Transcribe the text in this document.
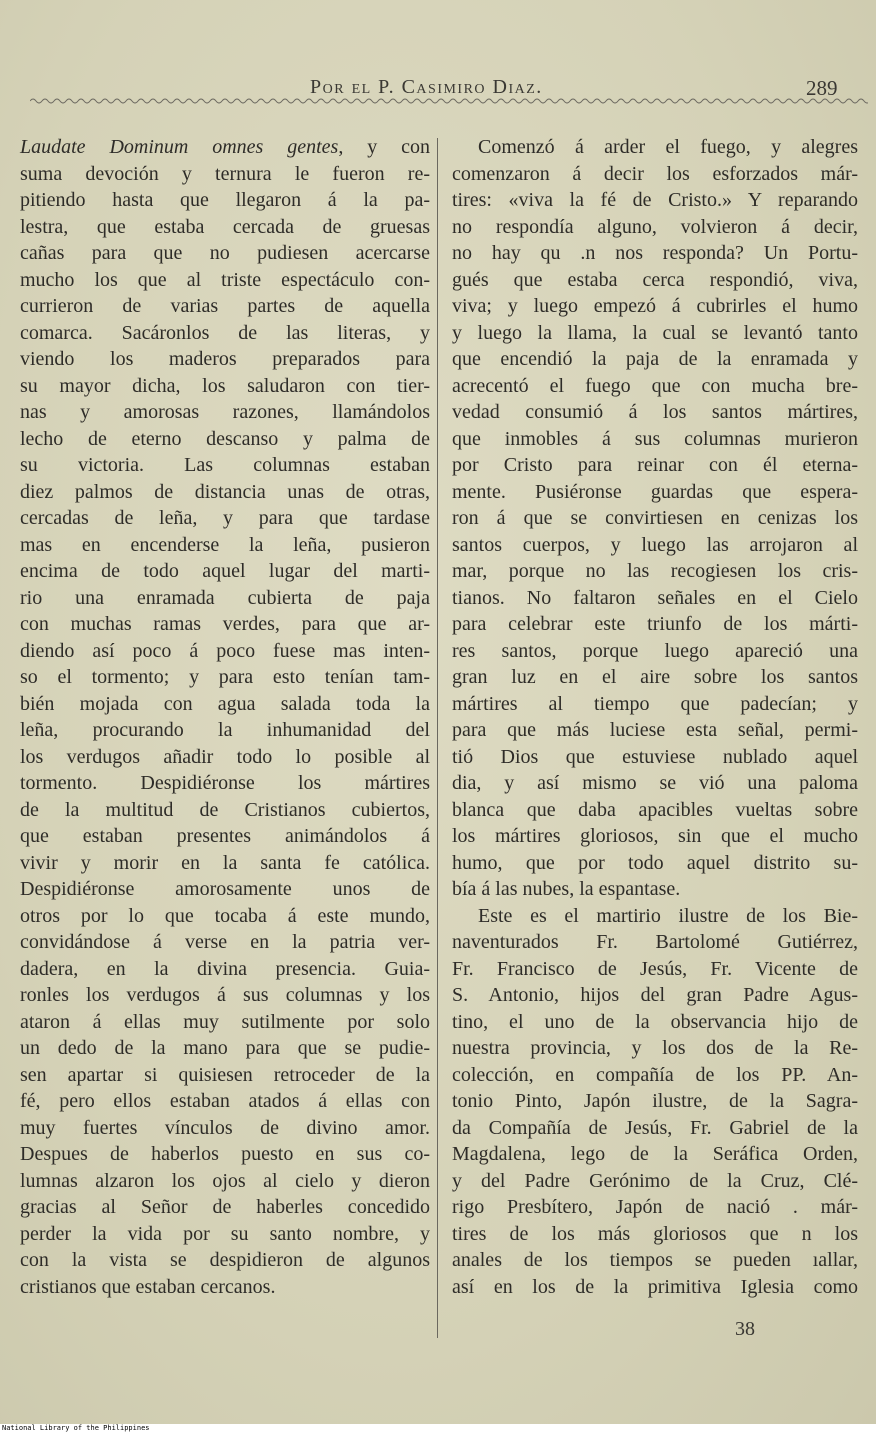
Por el P. Casimiro Diaz.	289
Laudate Dominum omnes gentes, y con
suma devoción y ternura le fueron re-
pitiendo hasta que llegaron á la pa-
lestra, que estaba cercada de gruesas
cañas para que no pudiesen acercarse
mucho los que al triste espectáculo con-
currieron de varias partes de aquella
comarca. Sacáronlos de las literas, y
viendo los maderos preparados para
su mayor dicha, los saludaron con tier-
nas y amorosas razones, llamándolos
lecho de eterno descanso y palma de
su victoria. Las columnas estaban
diez palmos de distancia unas de otras,
cercadas de leña, y para que tardase
mas en encenderse la leña, pusieron
encima de todo aquel lugar del marti-
rio una enramada cubierta de paja
con muchas ramas verdes, para que ar-
diendo así poco á poco fuese mas inten-
so el tormento; y para esto tenían tam-
bién mojada con agua salada toda la
leña, procurando la inhumanidad del
los verdugos añadir todo lo posible al
tormento. Despidiéronse los mártires
de la multitud de Cristianos cubiertos,
que estaban presentes animándolos á
vivir y morir en la santa fe católica.
Despidiéronse amorosamente unos de
otros por lo que tocaba á este mundo,
convidándose á verse en la patria ver-
dadera, en la divina presencia. Guia-
ronles los verdugos á sus columnas y los
ataron á ellas muy sutilmente por solo
un dedo de la mano para que se pudie-
sen apartar si quisiesen retroceder de la
fé, pero ellos estaban atados á ellas con
muy fuertes vínculos de divino amor.
Despues de haberlos puesto en sus co-
lumnas alzaron los ojos al cielo y dieron
gracias al Señor de haberles concedido
perder la vida por su santo nombre, y
con la vista se despidieron de algunos
cristianos que estaban cercanos.
Comenzó á arder el fuego, y alegres
comenzaron á decir los esforzados már-
tires: «viva la fé de Cristo.» Y reparando
no respondía alguno, volvieron á decir,
no hay qu .n nos responda? Un Portu-
gués que estaba cerca respondió, viva,
viva; y luego empezó á cubrirles el humo
y luego la llama, la cual se levantó tanto
que encendió la paja de la enramada y
acrecentó el fuego que con mucha bre-
vedad consumió á los santos mártires,
que inmobles á sus columnas murieron
por Cristo para reinar con él eterna-
mente. Pusiéronse guardas que espera-
ron á que se convirtiesen en cenizas los
santos cuerpos, y luego las arrojaron al
mar, porque no las recogiesen los cris-
tianos. No faltaron señales en el Cielo
para celebrar este triunfo de los márti-
res santos, porque luego apareció una
gran luz en el aire sobre los santos
mártires al tiempo que padecían; y
para que más luciese esta señal, permi-
tió Dios que estuviese nublado aquel
dia, y así mismo se vió una paloma
blanca que daba apacibles vueltas sobre
los mártires gloriosos, sin que el mucho
humo, que por todo aquel distrito su-
bía á las nubes, la espantase.
Este es el martirio ilustre de los Bie-
naventurados Fr. Bartolomé Gutiérrez,
Fr. Francisco de Jesús, Fr. Vicente de
S. Antonio, hijos del gran Padre Agus-
tino, el uno de la observancia hijo de
nuestra provincia, y los dos de la Re-
colección, en compañía de los PP. An-
tonio Pinto, Japón ilustre, de la Sagra-
da Compañía de Jesús, Fr. Gabriel de la
Magdalena, lego de la Seráfica Orden,
y del Padre Gerónimo de la Cruz, Clé-
rigo Presbítero, Japón de nació . már-
tires de los más gloriosos que n los
anales de los tiempos se pueden ıallar,
así en los de la primitiva Iglesia como
38
National Library of the Philippines
